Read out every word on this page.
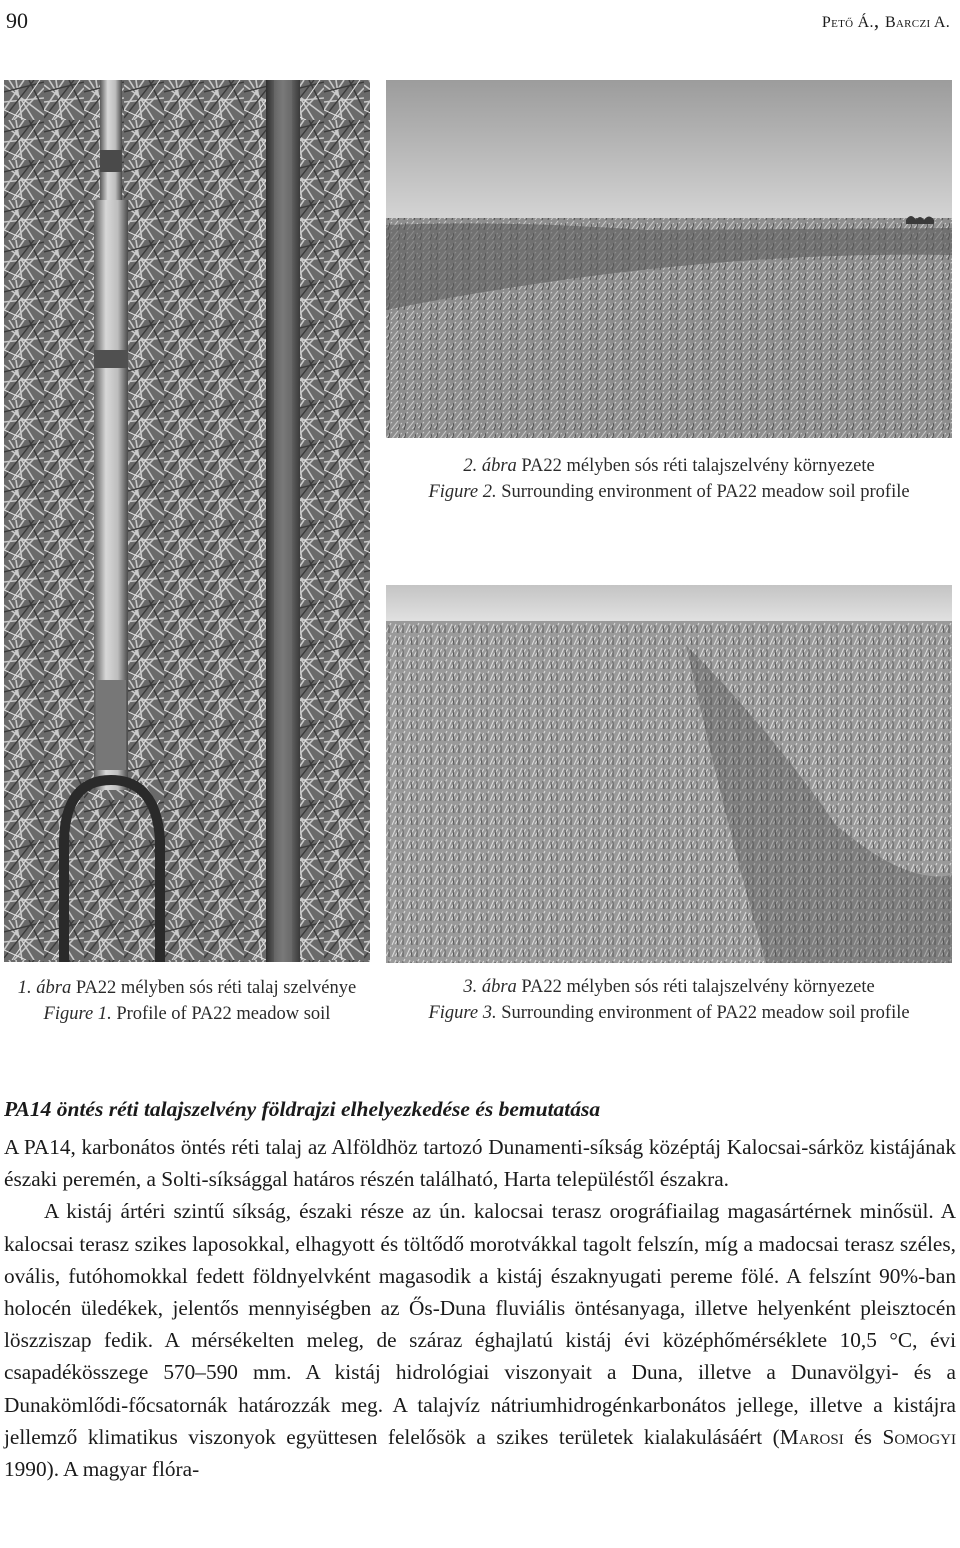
90	Pető Á., Barczi A.
1. ábra PA22 mélyben sós réti talaj szelvénye
Figure 1. Profile of PA22 meadow soil
2. ábra PA22 mélyben sós réti talajszelvény környezete
Figure 2. Surrounding environment of PA22 meadow soil profile
3. ábra PA22 mélyben sós réti talajszelvény környezete
Figure 3. Surrounding environment of PA22 meadow soil profile
PA14 öntés réti talajszelvény földrajzi elhelyezkedése és bemutatása

A PA14, karbonátos öntés réti talaj az Alföldhöz tartozó Dunamenti-síkság középtáj Kalocsai-sárköz kistájának északi peremén, a Solti-síksággal határos részén található, Harta településtől északra.

A kistáj ártéri szintű síkság, északi része az ún. kalocsai terasz orográfiailag magasártérnek minősül. A kalocsai terasz szikes laposokkal, elhagyott és töltődő morotvákkal tagolt felszín, míg a madocsai terasz széles, ovális, futóhomokkal fedett földnyelvként magasodik a kistáj északnyugati pereme fölé. A felszínt 90%-ban holocén üledékek, jelentős mennyiségben az Ős-Duna fluviális öntésanyaga, illetve helyenként pleisztocén löszziszap fedik. A mérsékelten meleg, de száraz éghajlatú kistáj évi középhőmérséklete 10,5 °C, évi csapadékösszege 570–590 mm. A kistáj hidrológiai viszonyait a Duna, illetve a Dunavölgyi- és a Dunakömlődi-főcsatornák határozzák meg. A talajvíz nátriumhidrogénkarbonátos jellege, illetve a kistájra jellemző klimatikus viszonyok együttesen felelősök a szikes területek kialakulásáért (Marosi és Somogyi 1990). A magyar flóra-
